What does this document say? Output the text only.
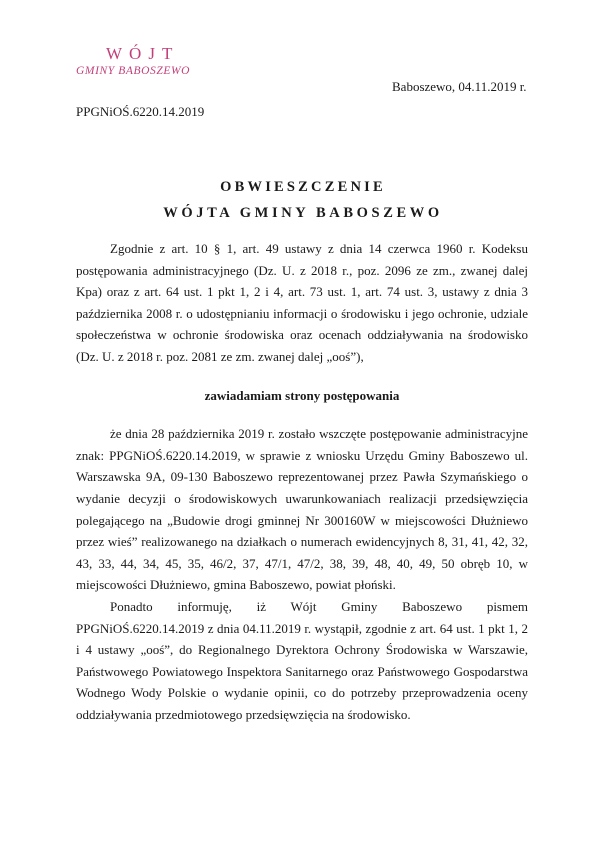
WÓJT
GMINY BABOSZEWO
Baboszewo, 04.11.2019 r.
PPGNiOŚ.6220.14.2019
OBWIESZCZENIE
WÓJTA GMINY BABOSZEWO

Zgodnie z art. 10 § 1, art. 49 ustawy z dnia 14 czerwca 1960 r. Kodeksu postępowania administracyjnego (Dz. U. z 2018 r., poz. 2096 ze zm., zwanej dalej Kpa) oraz z art. 64 ust. 1 pkt 1, 2 i 4, art. 73 ust. 1, art. 74 ust. 3, ustawy z dnia 3 października 2008 r. o udostępnianiu informacji o środowisku i jego ochronie, udziale społeczeństwa w ochronie środowiska oraz ocenach oddziaływania na środowisko (Dz. U. z 2018 r. poz. 2081 ze zm. zwanej dalej „ooś”),

zawiadamiam strony postępowania

że dnia 28 października 2019 r. zostało wszczęte postępowanie administracyjne znak: PPGNiOŚ.6220.14.2019, w sprawie z wniosku Urzędu Gminy Baboszewo ul. Warszawska 9A, 09-130 Baboszewo reprezentowanej przez Pawła Szymańskiego o wydanie decyzji o środowiskowych uwarunkowaniach realizacji przedsięwzięcia polegającego na „Budowie drogi gminnej Nr 300160W w miejscowości Dłużniewo przez wieś” realizowanego na działkach o numerach ewidencyjnych 8, 31, 41, 42, 32, 43, 33, 44, 34, 45, 35, 46/2, 37, 47/1, 47/2, 38, 39, 48, 40, 49, 50 obręb 10, w miejscowości Dłużniewo, gmina Baboszewo, powiat płoński.

Ponadto informuję, iż Wójt Gminy Baboszewo pismem PPGNiOŚ.6220.14.2019 z dnia 04.11.2019 r. wystąpił, zgodnie z art. 64 ust. 1 pkt 1, 2 i 4 ustawy „ooś”, do Regionalnego Dyrektora Ochrony Środowiska w Warszawie, Państwowego Powiatowego Inspektora Sanitarnego oraz Państwowego Gospodarstwa Wodnego Wody Polskie o wydanie opinii, co do potrzeby przeprowadzenia oceny oddziaływania przedmiotowego przedsięwzięcia na środowisko.
